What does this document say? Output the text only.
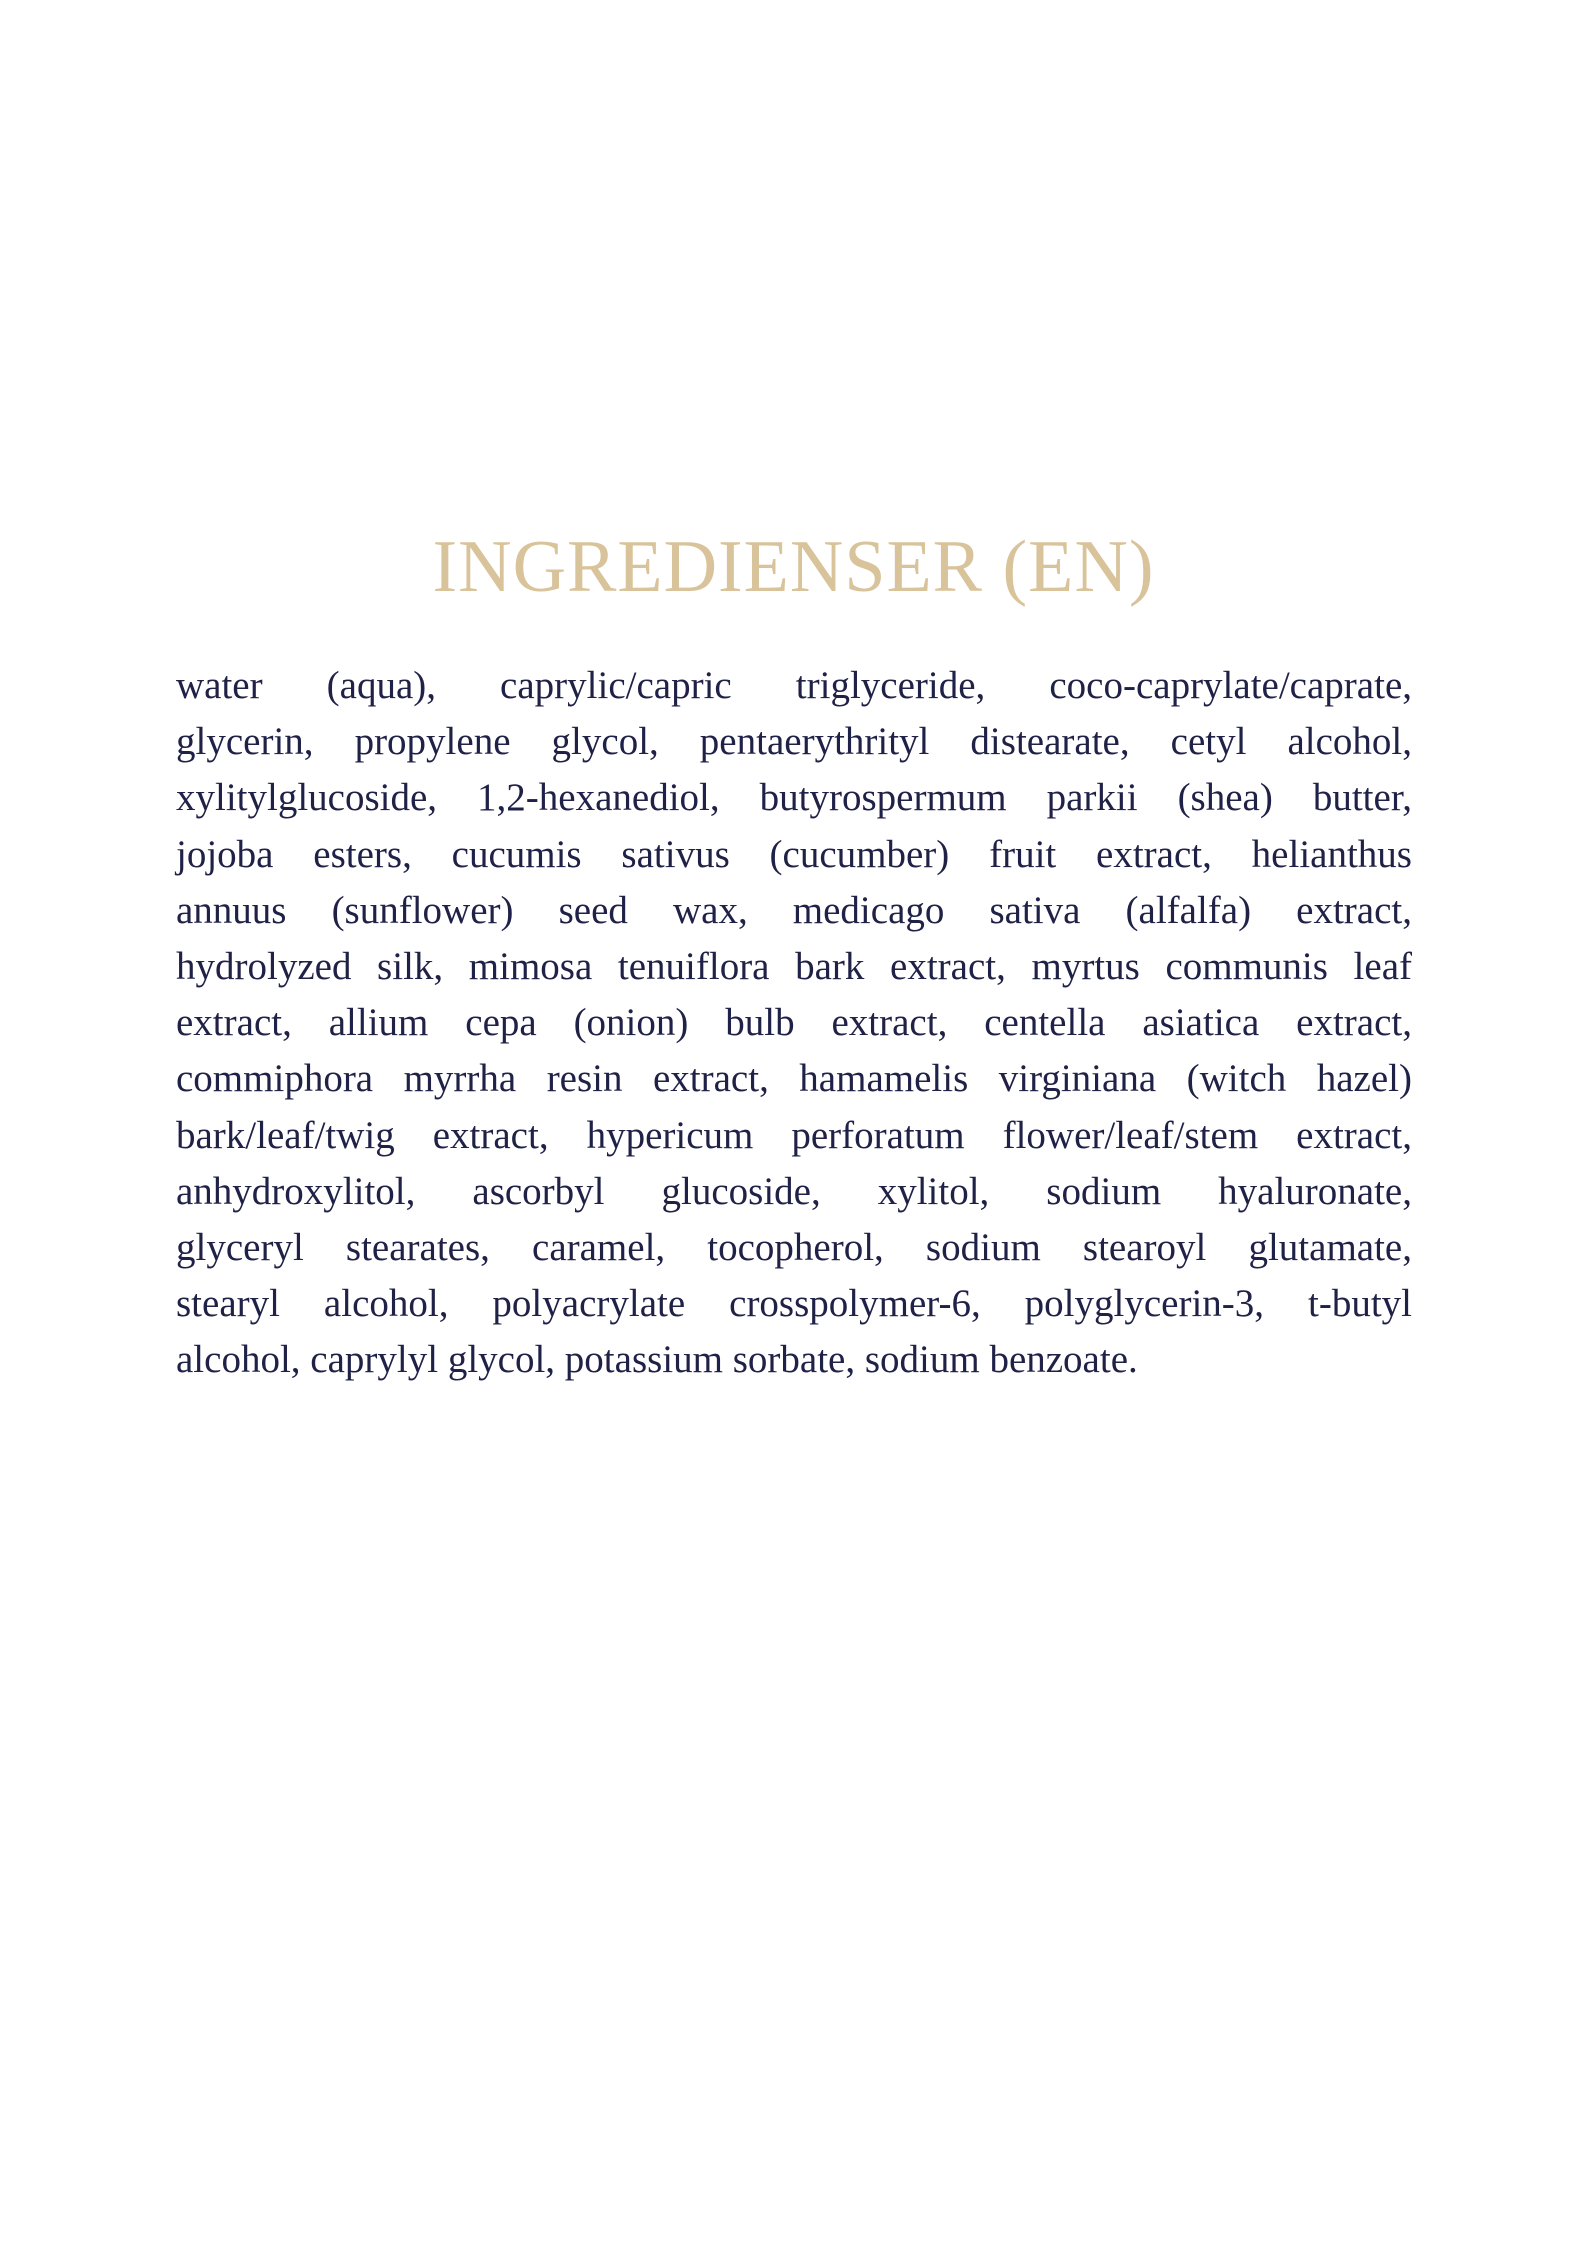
INGREDIENSER (EN)
water (aqua), caprylic/capric triglyceride, coco-caprylate/caprate,
glycerin, propylene glycol, pentaerythrityl distearate, cetyl alcohol,
xylitylglucoside, 1,2-hexanediol, butyrospermum parkii (shea) butter,
jojoba esters, cucumis sativus (cucumber) fruit extract, helianthus
annuus (sunflower) seed wax, medicago sativa (alfalfa) extract,
hydrolyzed silk, mimosa tenuiflora bark extract, myrtus communis leaf
extract, allium cepa (onion) bulb extract, centella asiatica extract,
commiphora myrrha resin extract, hamamelis virginiana (witch hazel)
bark/leaf/twig extract, hypericum perforatum flower/leaf/stem extract,
anhydroxylitol, ascorbyl glucoside, xylitol, sodium hyaluronate,
glyceryl stearates, caramel, tocopherol, sodium stearoyl glutamate,
stearyl alcohol, polyacrylate crosspolymer-6, polyglycerin-3, t-butyl
alcohol, caprylyl glycol, potassium sorbate, sodium benzoate.
